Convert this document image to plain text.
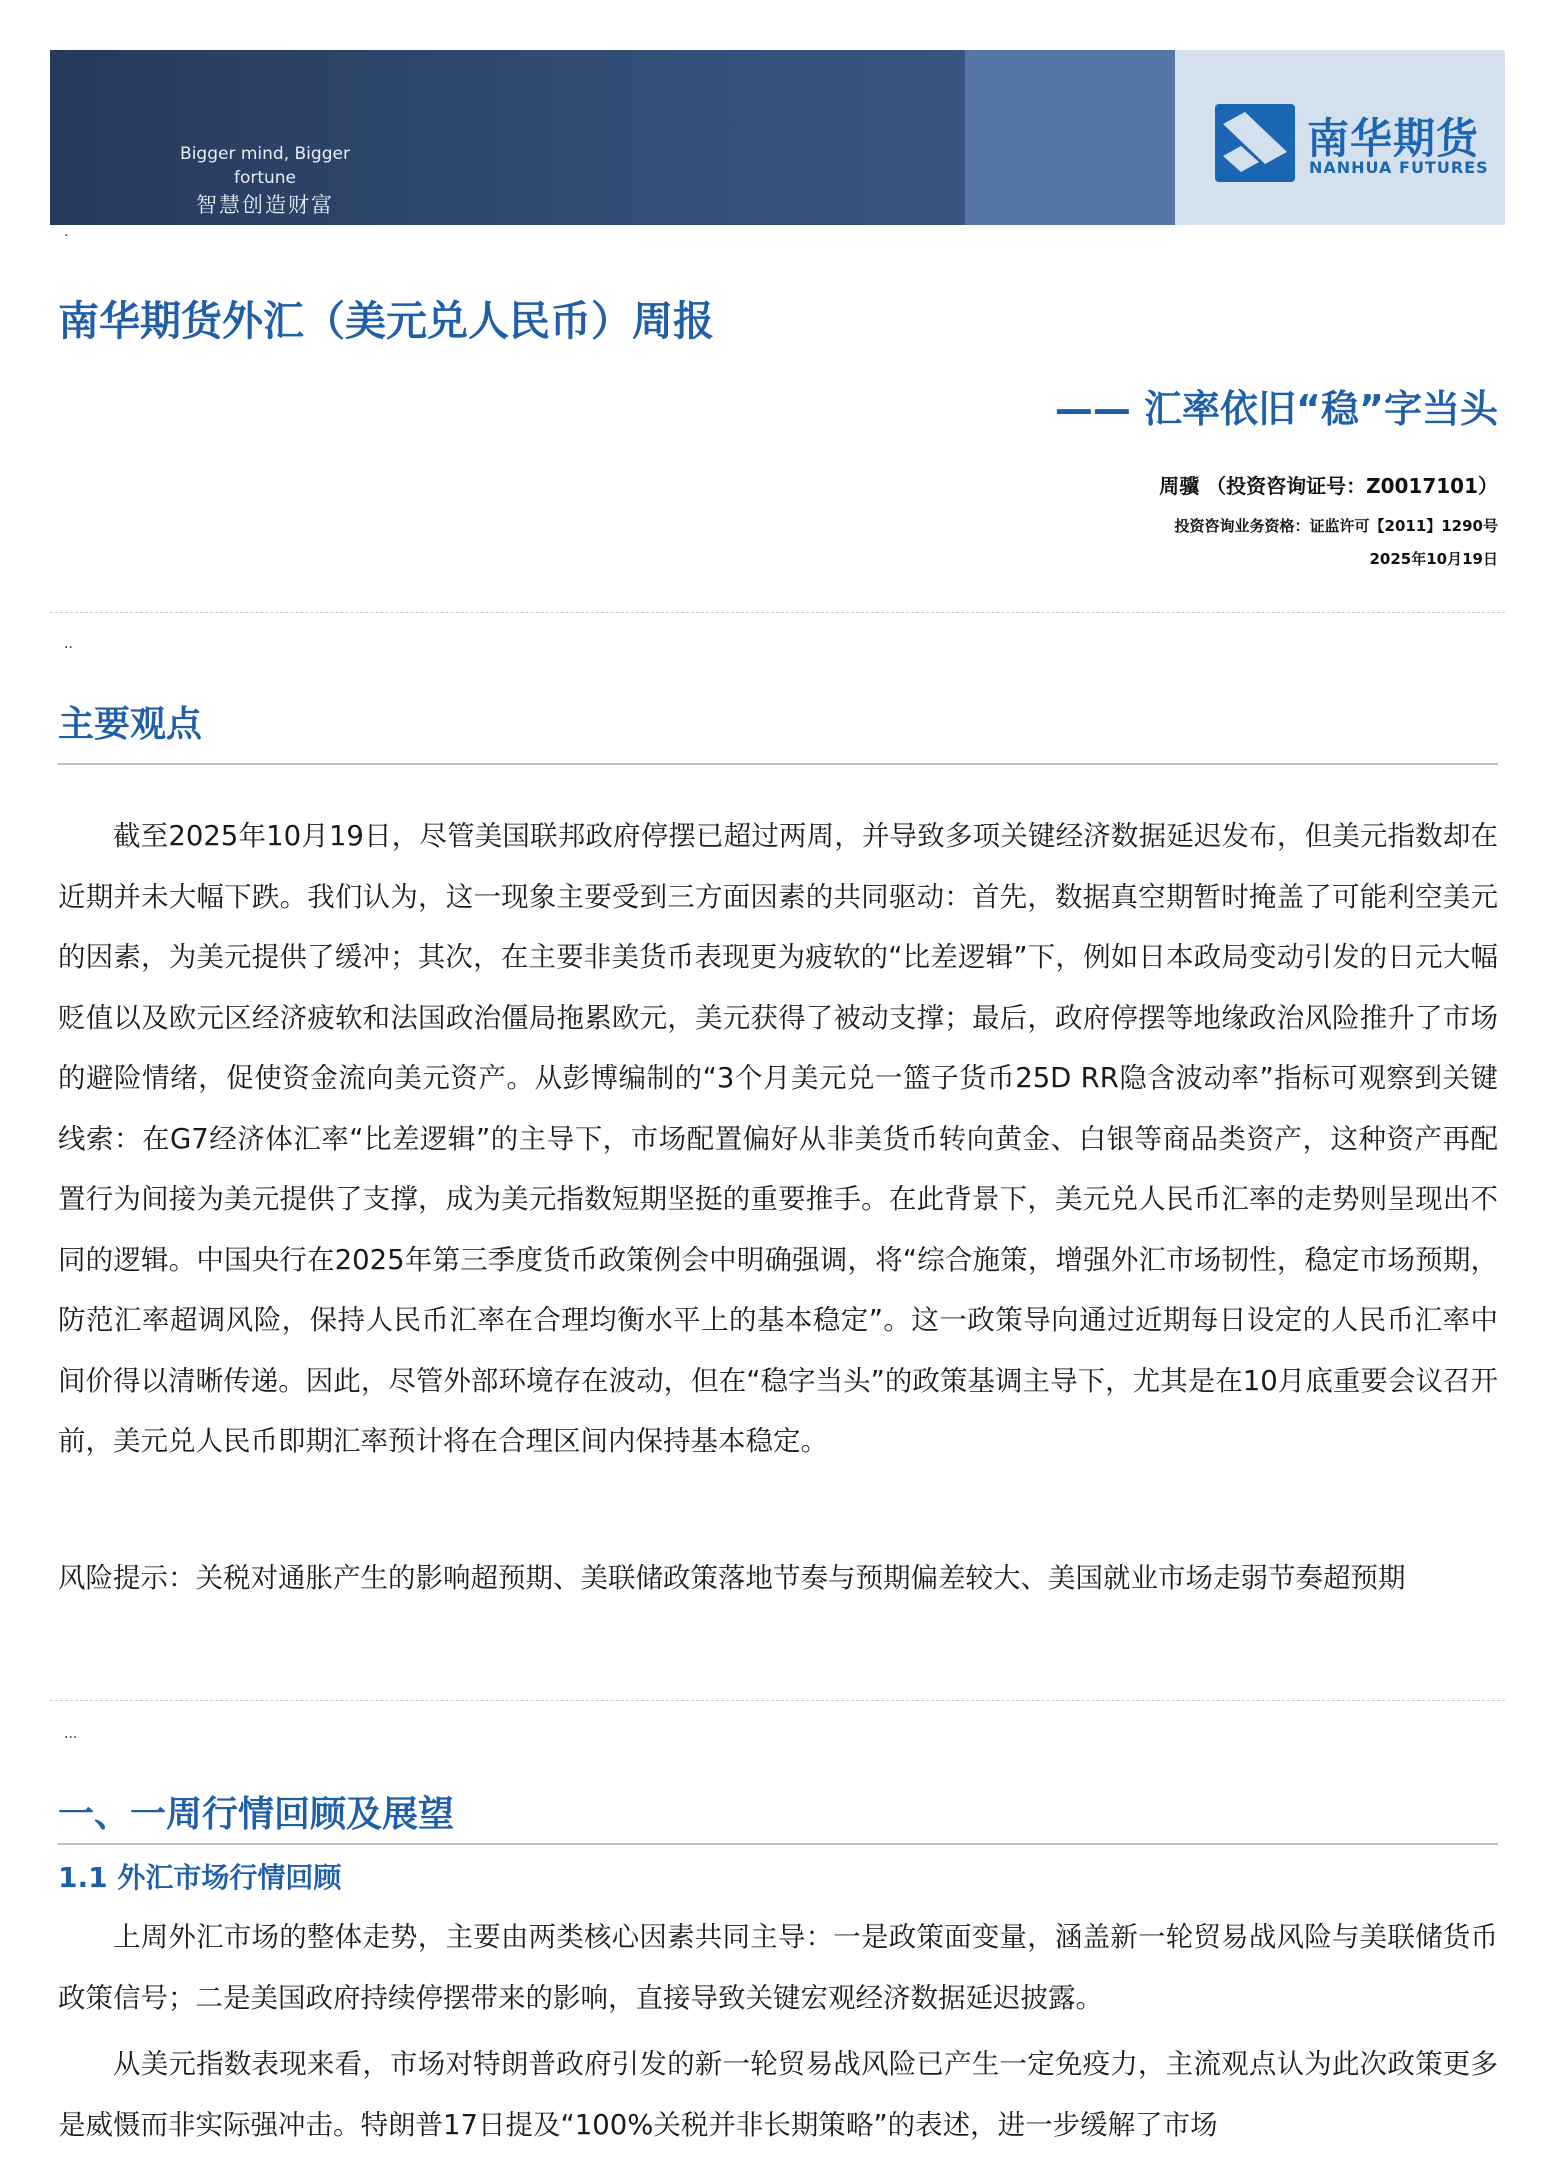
Bigger mind, Bigger fortune
智慧创造财富
南华期货
NANHUA FUTURES
·
南华期货外汇（美元兑人民币）周报
—— 汇率依旧“稳”字当头
周骥 （投资咨询证号：Z0017101）
投资咨询业务资格：证监许可【2011】1290号
2025年10月19日
··
主要观点

截至2025年10月19日，尽管美国联邦政府停摆已超过两周，并导致多项关键经济数据延迟发布，但美元指数却在近期并未大幅下跌。我们认为，这一现象主要受到三方面因素的共同驱动：首先，数据真空期暂时掩盖了可能利空美元的因素，为美元提供了缓冲；其次，在主要非美货币表现更为疲软的“比差逻辑”下，例如日本政局变动引发的日元大幅贬值以及欧元区经济疲软和法国政治僵局拖累欧元，美元获得了被动支撑；最后，政府停摆等地缘政治风险推升了市场的避险情绪，促使资金流向美元资产。从彭博编制的“3个月美元兑一篮子货币25D RR隐含波动率”指标可观察到关键线索：在G7经济体汇率“比差逻辑”的主导下，市场配置偏好从非美货币转向黄金、白银等商品类资产，这种资产再配置行为间接为美元提供了支撑，成为美元指数短期坚挺的重要推手。在此背景下，美元兑人民币汇率的走势则呈现出不同的逻辑。中国央行在2025年第三季度货币政策例会中明确强调，将“综合施策，增强外汇市场韧性，稳定市场预期，防范汇率超调风险，保持人民币汇率在合理均衡水平上的基本稳定”。这一政策导向通过近期每日设定的人民币汇率中间价得以清晰传递。因此，尽管外部环境存在波动，但在“稳字当头”的政策基调主导下，尤其是在10月底重要会议召开前，美元兑人民币即期汇率预计将在合理区间内保持基本稳定。

风险提示：关税对通胀产生的影响超预期、美联储政策落地节奏与预期偏差较大、美国就业市场走弱节奏超预期

···
一、一周行情回顾及展望
1.1 外汇市场行情回顾

上周外汇市场的整体走势，主要由两类核心因素共同主导：一是政策面变量，涵盖新一轮贸易战风险与美联储货币政策信号；二是美国政府持续停摆带来的影响，直接导致关键宏观经济数据延迟披露。

从美元指数表现来看，市场对特朗普政府引发的新一轮贸易战风险已产生一定免疫力，主流观点认为此次政策更多是威慑而非实际强冲击。特朗普17日提及“100%关税并非长期策略”的表述，进一步缓解了市场
